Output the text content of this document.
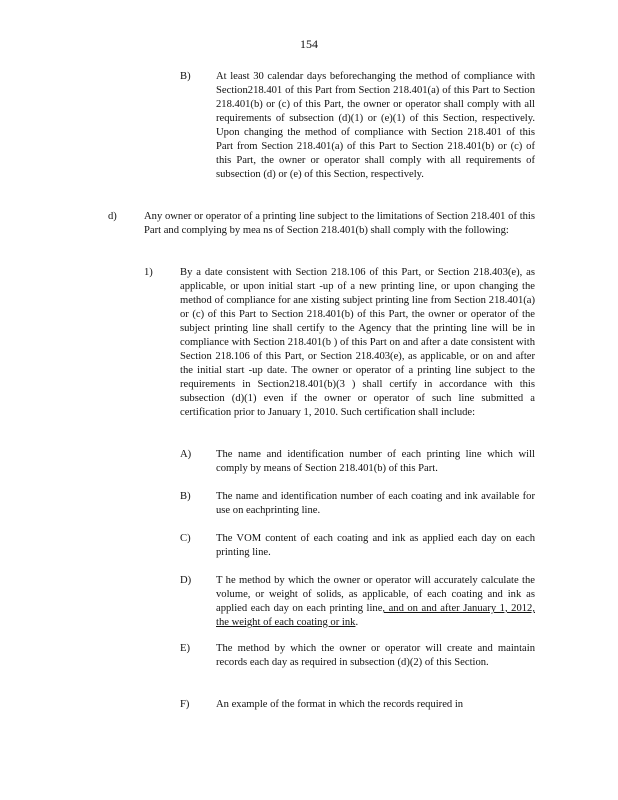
154
B) At least 30 calendar days beforechanging the method of compliance with Section218.401 of this Part from Section 218.401(a) of this Part to Section 218.401(b) or (c) of this Part, the owner or operator shall comply with all requirements of subsection (d)(1) or (e)(1) of this Section, respectively. Upon changing the method of compliance with Section 218.401 of this Part from Section 218.401(a) of this Part to Section 218.401(b) or (c) of this Part, the owner or operator shall comply with all requirements of subsection (d) or (e) of this Section, respectively.

d)	Any owner or operator of a printing line subject to the limitations of Section 218.401 of this Part and complying by mea ns of Section 218.401(b) shall comply with the following:

1)	By a date consistent with Section 218.106 of this Part, or Section 218.403(e), as applicable, or upon initial start -up of a new printing line, or upon changing the method of compliance for ane xisting subject printing line from Section 218.401(a) or (c) of this Part to Section 218.401(b) of this Part, the owner or operator of the subject printing line shall certify to the Agency that the printing line will be in compliance with Section 218.401(b ) of this Part on and after a date consistent with Section 218.106 of this Part, or Section 218.403(e), as applicable, or on and after the initial start -up date. The owner or operator of a printing line subject to the requirements in Section218.401(b)(3 ) shall certify in accordance with this subsection (d)(1) even if the owner or operator of such line submitted a certification prior to January 1, 2010. Such certification shall include:

A) The name and identification number of each printing line which will comply by means of Section 218.401(b) of this Part.

B) The name and identification number of each coating and ink available for use on eachprinting line.

C) The VOM content of each coating and ink as applied each day on each printing line.

D) T he method by which the owner or operator will accurately calculate the volume, or weight of solids, as applicable, of each coating and ink as applied each day on each printing line, and on and after January 1, 2012, the weight of each coating or ink.

E) The method by which the owner or operator will create and maintain records each day as required in subsection (d)(2) of this Section.

F)	An example of the format in which the records required in
